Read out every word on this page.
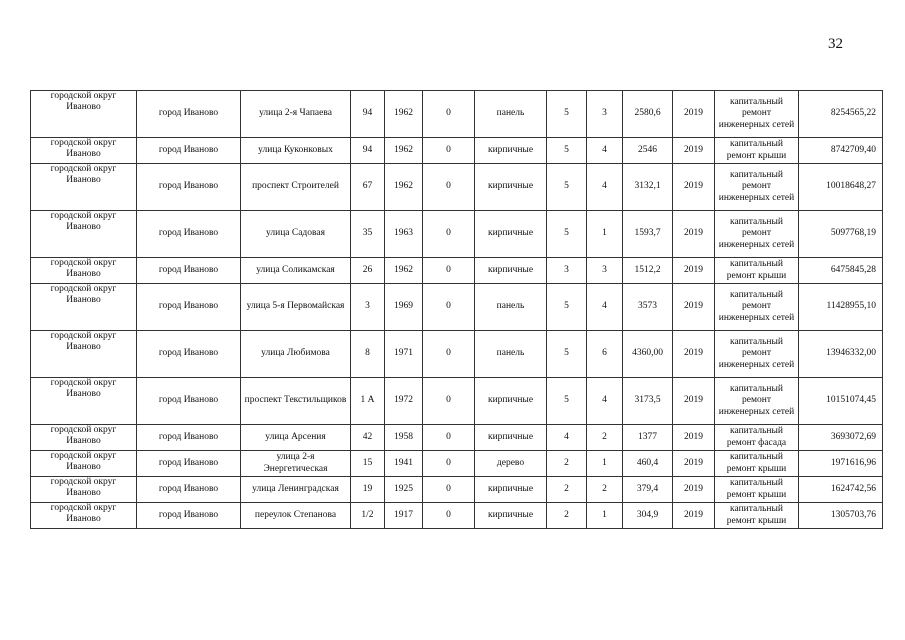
32
городской округ Иваново	город Иваново	улица 2-я Чапаева	94	1962	0	панель	5	3	2580,6	2019	капитальный ремонт инженерных сетей	8254565,22
городской округ Иваново	город Иваново	улица Куконковых	94	1962	0	кирпичные	5	4	2546	2019	капитальный ремонт крыши	8742709,40
городской округ Иваново	город Иваново	проспект Строителей	67	1962	0	кирпичные	5	4	3132,1	2019	капитальный ремонт инженерных сетей	10018648,27
городской округ Иваново	город Иваново	улица Садовая	35	1963	0	кирпичные	5	1	1593,7	2019	капитальный ремонт инженерных сетей	5097768,19
городской округ Иваново	город Иваново	улица Соликамская	26	1962	0	кирпичные	3	3	1512,2	2019	капитальный ремонт крыши	6475845,28
городской округ Иваново	город Иваново	улица 5-я Первомайская	3	1969	0	панель	5	4	3573	2019	капитальный ремонт инженерных сетей	11428955,10
городской округ Иваново	город Иваново	улица Любимова	8	1971	0	панель	5	6	4360,00	2019	капитальный ремонт инженерных сетей	13946332,00
городской округ Иваново	город Иваново	проспект Текстильщиков	1 А	1972	0	кирпичные	5	4	3173,5	2019	капитальный ремонт инженерных сетей	10151074,45
городской округ Иваново	город Иваново	улица Арсения	42	1958	0	кирпичные	4	2	1377	2019	капитальный ремонт фасада	3693072,69
городской округ Иваново	город Иваново	улица 2-я Энергетическая	15	1941	0	дерево	2	1	460,4	2019	капитальный ремонт крыши	1971616,96
городской округ Иваново	город Иваново	улица Ленинградская	19	1925	0	кирпичные	2	2	379,4	2019	капитальный ремонт крыши	1624742,56
городской округ Иваново	город Иваново	переулок Степанова	1/2	1917	0	кирпичные	2	1	304,9	2019	капитальный ремонт крыши	1305703,76
